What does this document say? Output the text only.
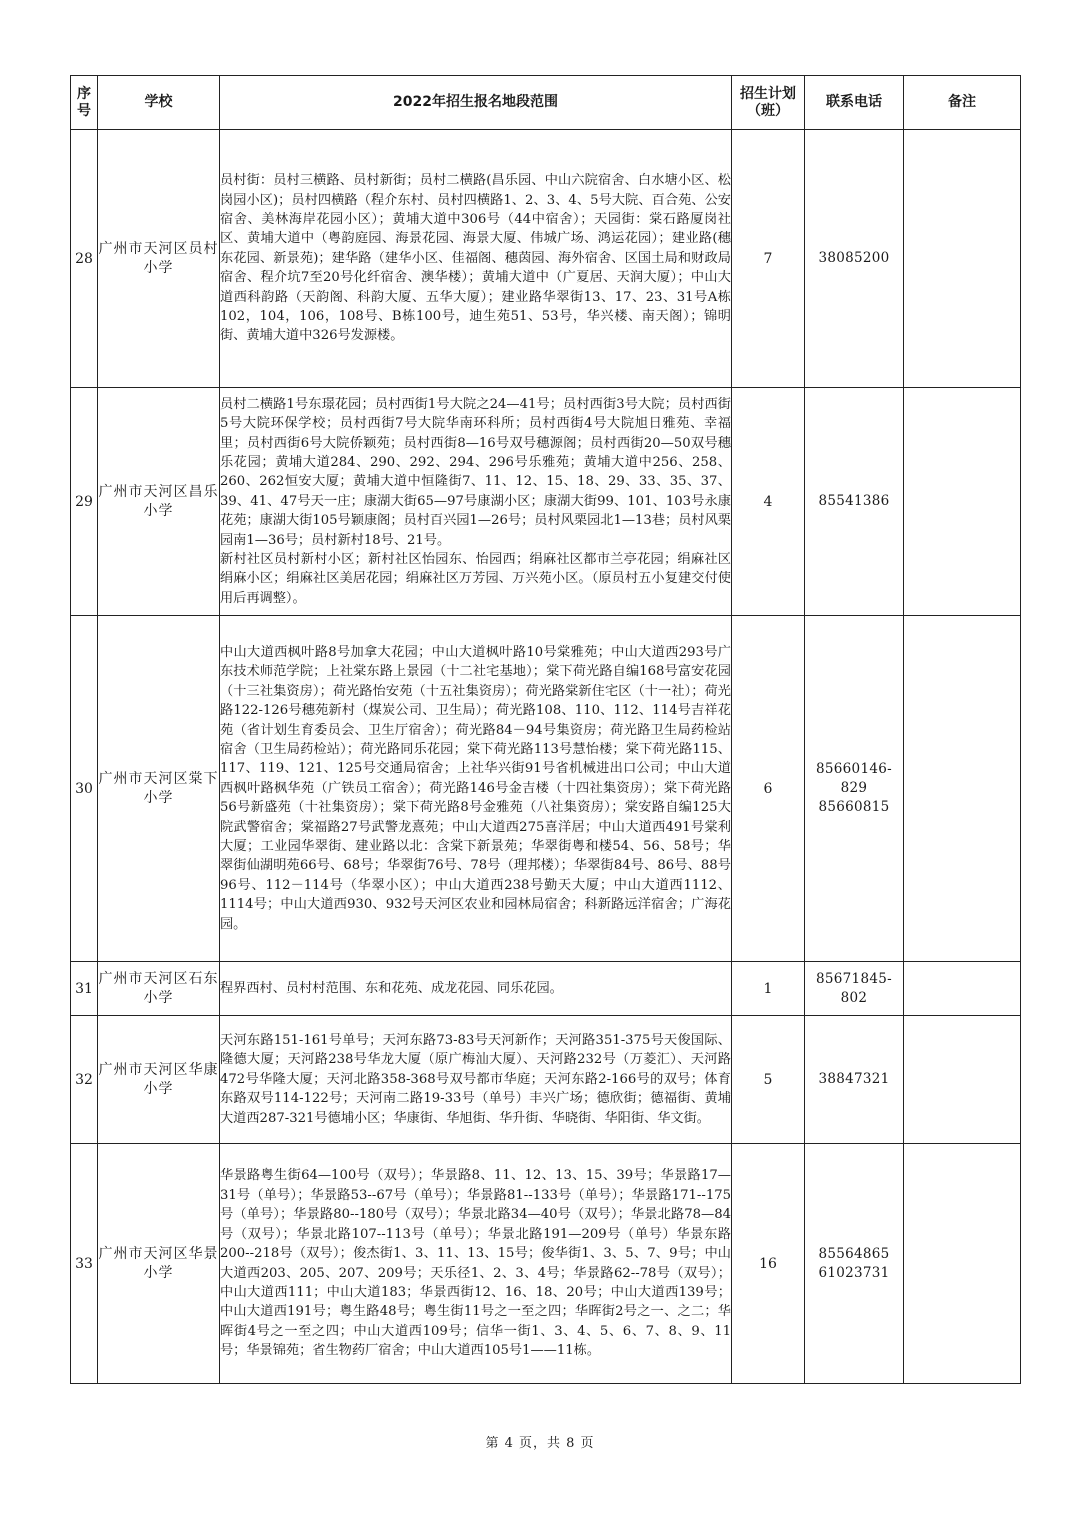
序号	学校	2022年招生报名地段范围	招生计划（班）	联系电话	备注
28	广州市天河区员村小学	员村街：员村三横路、员村新街；员村二横路(昌乐园、中山六院宿舍、白水塘小区、松岗园小区)；员村四横路（程介东村、员村四横路1、2、3、4、5号大院、百合苑、公安宿舍、美林海岸花园小区）；黄埔大道中306号（44中宿舍）；天园街：棠石路厦岗社区、黄埔大道中（粤韵庭园、海景花园、海景大厦、伟城广场、鸿运花园）；建业路(穗东花园、新景苑)；建华路（建华小区、佳福阁、穗茵园、海外宿舍、区国土局和财政局宿舍、程介坑7至20号化纤宿舍、澳华楼）；黄埔大道中（广夏居、天润大厦）；中山大道西科韵路（天韵阁、科韵大厦、五华大厦）；建业路华翠街13、17、23、31号A栋102，104，106，108号、B栋100号，迪生苑51、53号，华兴楼、南天阁）；锦明街、黄埔大道中326号发源楼。	7	38085200	

29	广州市天河区昌乐小学	员村二横路1号东璟花园；员村西街1号大院之24—41号；员村西街3号大院；员村西街5号大院环保学校；员村西街7号大院华南环科所；员村西街4号大院旭日雅苑、幸福里；员村西街6号大院侨颖苑；员村西街8—16号双号穗源阁；员村西街20—50双号穗乐花园；黄埔大道284、290、292、294、296号乐雅苑；黄埔大道中256、258、260、262恒安大厦；黄埔大道中恒隆街7、11、12、15、18、29、33、35、37、39、41、47号天一庄；康湖大街65—97号康湖小区；康湖大街99、101、103号永康花苑；康湖大街105号颖康阁；员村百兴园1—26号；员村风栗园北1—13巷；员村风栗园南1—36号；员村新村18号、21号。
新村社区员村新村小区；新村社区怡园东、怡园西；绢麻社区都市兰亭花园；绢麻社区绢麻小区；绢麻社区美居花园；绢麻社区万芳园、万兴苑小区。（原员村五小复建交付使用后再调整）。	4	85541386	

30	广州市天河区棠下小学	中山大道西枫叶路8号加拿大花园；中山大道枫叶路10号棠雅苑；中山大道西293号广东技术师范学院；上社棠东路上景园（十二社宅基地）；棠下荷光路自编168号富安花园（十三社集资房）；荷光路怡安苑（十五社集资房）；荷光路棠新住宅区（十一社）；荷光路122-126号穗苑新村（煤炭公司、卫生局）；荷光路108、110、112、114号吉祥花苑（省计划生育委员会、卫生厅宿舍）；荷光路84－94号集资房；荷光路卫生局药检站宿舍（卫生局药检站）；荷光路同乐花园；棠下荷光路113号慧怡楼；棠下荷光路115、117、119、121、125号交通局宿舍；上社华兴街91号省机械进出口公司；中山大道西枫叶路枫华苑（广铁员工宿舍）；荷光路146号金吉楼（十四社集资房）；棠下荷光路56号新盛苑（十社集资房）；棠下荷光路8号金雅苑（八社集资房）；棠安路自编125大院武警宿舍；棠福路27号武警龙熹苑；中山大道西275喜洋居；中山大道西491号棠利大厦；工业园华翠街、建业路以北：含棠下新景苑；华翠街粤和楼54、56、58号；华翠街仙湖明苑66号、68号；华翠街76号、78号（理邦楼）；华翠街84号、86号、88号96号、112－114号（华翠小区）；中山大道西238号勤天大厦；中山大道西1112、1114号；中山大道西930、932号天河区农业和园林局宿舍；科新路远洋宿舍；广海花园。	6	85660146-829
85660815	

31	广州市天河区石东小学	程界西村、员村村范围、东和花苑、成龙花园、同乐花园。	1	85671845-802	

32	广州市天河区华康小学	天河东路151-161号单号；天河东路73-83号天河新作；天河路351-375号天俊国际、隆德大厦；天河路238号华龙大厦（原广梅汕大厦）、天河路232号（万菱汇）、天河路472号华隆大厦；天河北路358-368号双号都市华庭；天河东路2-166号的双号；体育东路双号114-122号；天河南二路19-33号（单号）丰兴广场；德欣街；德福街、黄埔大道西287-321号德埔小区；华康街、华旭街、华升街、华晓街、华阳街、华文街。	5	38847321	

33	广州市天河区华景小学	华景路粤生街64—100号（双号）；华景路8、11、12、13、15、39号；华景路17—31号（单号）；华景路53--67号（单号）；华景路81--133号（单号）；华景路171--175号（单号）；华景路80--180号（双号）；华景北路34—40号（双号）；华景北路78—84号（双号）；华景北路107--113号（单号）；华景北路191—209号（单号）华景东路200--218号（双号）；俊杰街1、3、11、13、15号；俊华街1、3、5、7、9号；中山大道西203、205、207、209号；天乐径1、2、3、4号；华景路62--78号（双号）；中山大道西111；中山大道183；华景西街12、16、18、20号；中山大道西139号；中山大道西191号；粤生路48号；粤生街11号之一至之四；华晖街2号之一、之二；华晖街4号之一至之四；中山大道西109号；信华一街1、3、4、5、6、7、8、9、11号；华景锦苑；省生物药厂宿舍；中山大道西105号1——11栋。	16	85564865
61023731	

第 4 页，共 8 页
